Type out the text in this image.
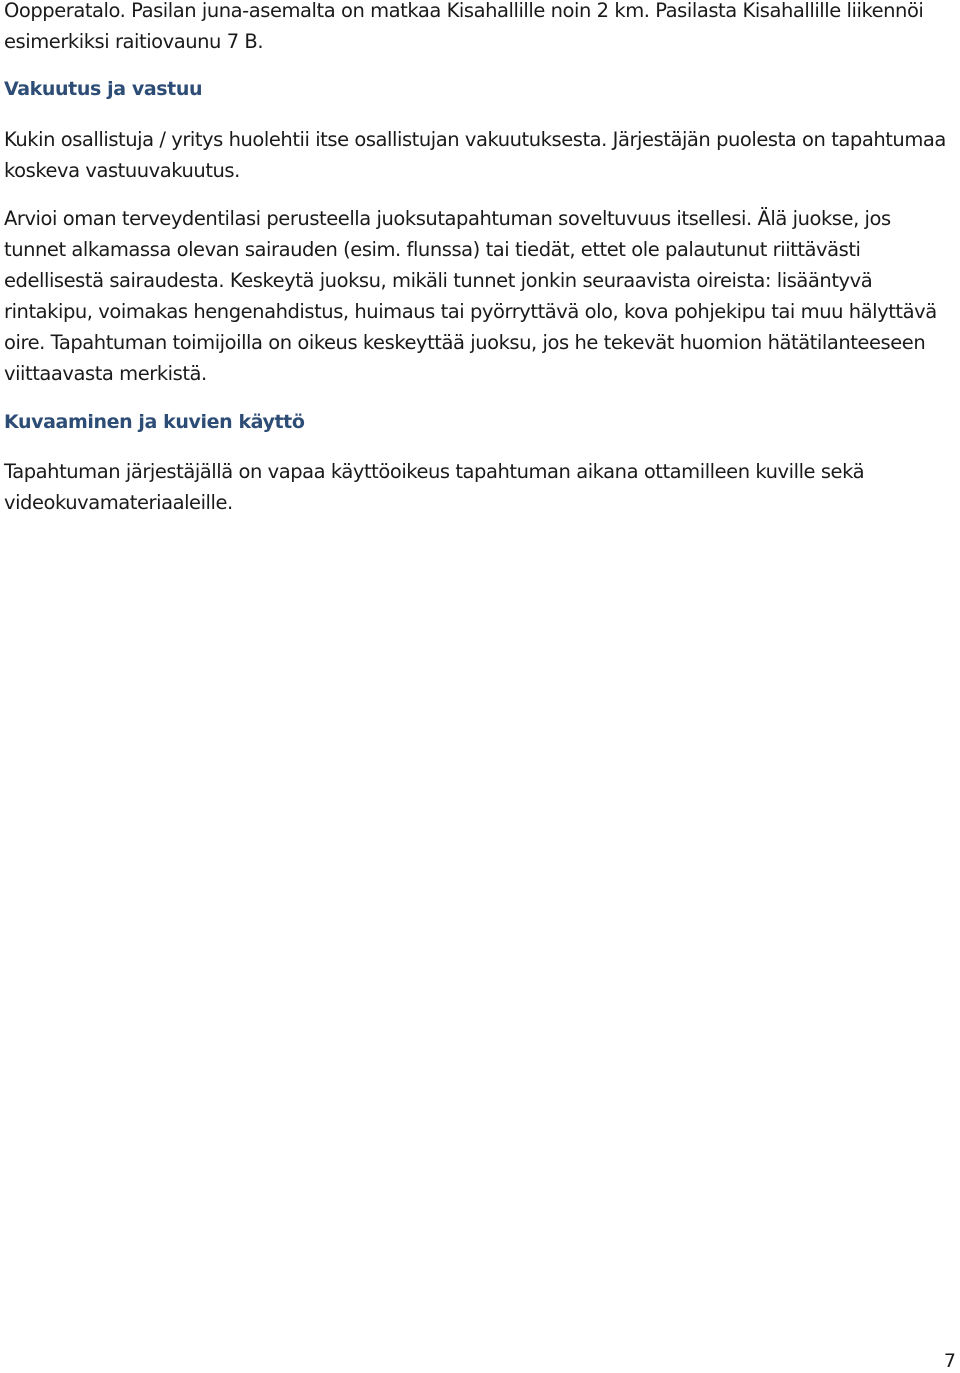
Oopperatalo. Pasilan juna-asemalta on matkaa Kisahallille noin 2 km. Pasilasta Kisahallille liikennöi esimerkiksi raitiovaunu 7 B.

Vakuutus ja vastuu

Kukin osallistuja / yritys huolehtii itse osallistujan vakuutuksesta. Järjestäjän puolesta on tapahtumaa koskeva vastuuvakuutus.

Arvioi oman terveydentilasi perusteella juoksutapahtuman soveltuvuus itsellesi. Älä juokse, jos tunnet alkamassa olevan sairauden (esim. flunssa) tai tiedät, ettet ole palautunut riittävästi edellisestä sairaudesta. Keskeytä juoksu, mikäli tunnet jonkin seuraavista oireista: lisääntyvä rintakipu, voimakas hengenahdistus, huimaus tai pyörryttävä olo, kova pohjekipu tai muu hälyttävä oire. Tapahtuman toimijoilla on oikeus keskeyttää juoksu, jos he tekevät huomion hätätilanteeseen viittaavasta merkistä.

Kuvaaminen ja kuvien käyttö

Tapahtuman järjestäjällä on vapaa käyttöoikeus tapahtuman aikana ottamilleen kuville sekä videokuvamateriaaleille.

7
